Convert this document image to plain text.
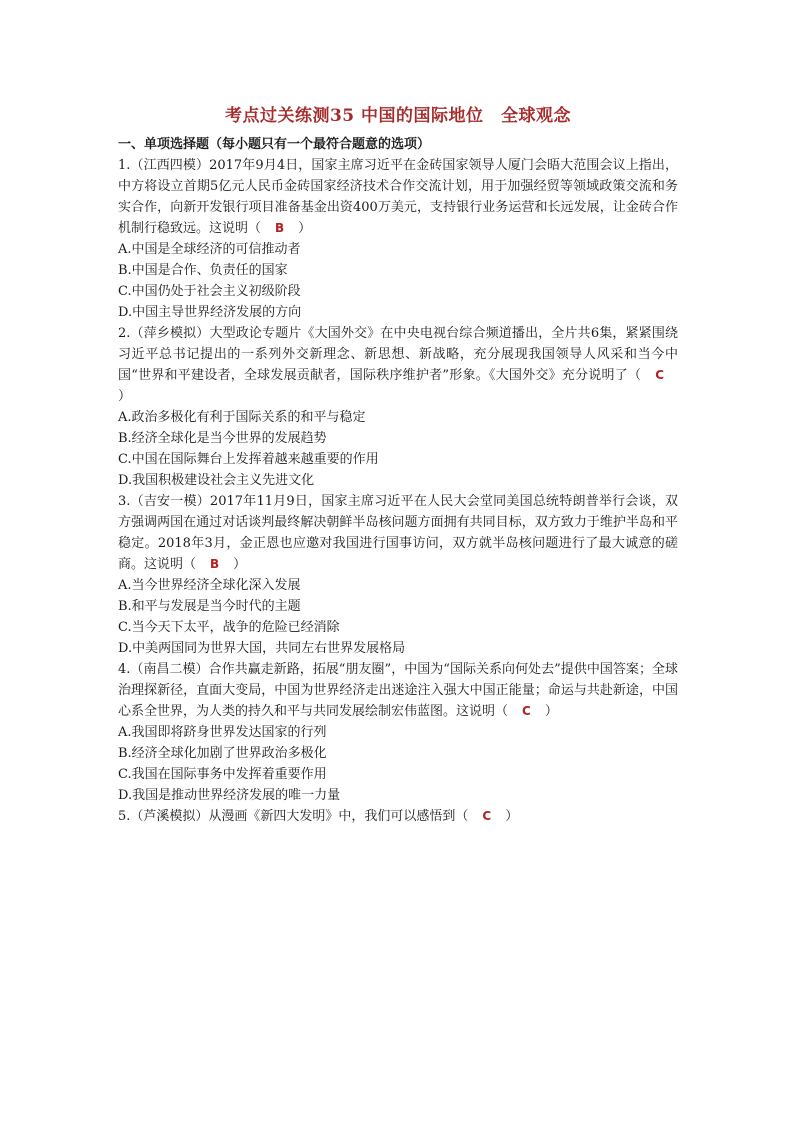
考点过关练测35 中国的国际地位　全球观念
一、单项选择题（每小题只有一个最符合题意的选项）

1.（江西四模）2017年9月4日，国家主席习近平在金砖国家领导人厦门会晤大范围会议上指出，中方将设立首期5亿元人民币金砖国家经济技术合作交流计划，用于加强经贸等领域政策交流和务实合作，向新开发银行项目准备基金出资400万美元，支持银行业务运营和长远发展，让金砖合作机制行稳致远。这说明（ B ）

A.中国是全球经济的可信推动者
B.中国是合作、负责任的国家
C.中国仍处于社会主义初级阶段
D.中国主导世界经济发展的方向

2.（萍乡模拟）大型政论专题片《大国外交》在中央电视台综合频道播出，全片共6集，紧紧围绕习近平总书记提出的一系列外交新理念、新思想、新战略，充分展现我国领导人风采和当今中国“世界和平建设者，全球发展贡献者，国际秩序维护者”形象。《大国外交》充分说明了（ C）

A.政治多极化有利于国际关系的和平与稳定
B.经济全球化是当今世界的发展趋势
C.中国在国际舞台上发挥着越来越重要的作用
D.我国积极建设社会主义先进文化

3.（吉安一模）2017年11月9日，国家主席习近平在人民大会堂同美国总统特朗普举行会谈，双方强调两国在通过对话谈判最终解决朝鲜半岛核问题方面拥有共同目标，双方致力于维护半岛和平稳定。2018年3月，金正恩也应邀对我国进行国事访问，双方就半岛核问题进行了最大诚意的磋商。这说明（ B ）

A.当今世界经济全球化深入发展
B.和平与发展是当今时代的主题
C.当今天下太平，战争的危险已经消除
D.中美两国同为世界大国，共同左右世界发展格局

4.（南昌二模）合作共赢走新路，拓展“朋友圈”，中国为“国际关系向何处去”提供中国答案；全球治理探新径，直面大变局，中国为世界经济走出迷途注入强大中国正能量；命运与共赴新途，中国心系全世界，为人类的持久和平与共同发展绘制宏伟蓝图。这说明（ C ）

A.我国即将跻身世界发达国家的行列
B.经济全球化加剧了世界政治多极化
C.我国在国际事务中发挥着重要作用
D.我国是推动世界经济发展的唯一力量

5.（芦溪模拟）从漫画《新四大发明》中，我们可以感悟到（ C ）
